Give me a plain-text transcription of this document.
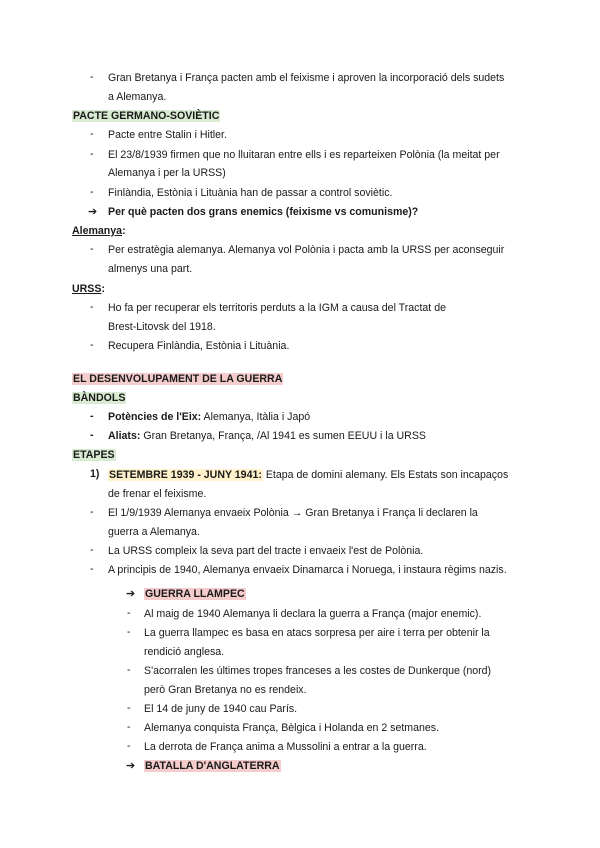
-	Gran Bretanya i França pacten amb el feixisme i aproven la incorporació dels sudets
a Alemanya.
PACTE GERMANO-SOVIÈTIC
-	Pacte entre Stalin i Hitler.
-	El 23/8/1939 firmen que no lluitaran entre ells i es reparteixen Polònia (la meitat per
Alemanya i per la URSS)
-	Finlàndia, Estònia i Lituània han de passar a control soviètic.
➔ Per què pacten dos grans enemics (feixisme vs comunisme)?
Alemanya:
-	Per estratègia alemanya. Alemanya vol Polònia i pacta amb la URSS per aconseguir
almenys una part.
URSS:
-	Ho fa per recuperar els territoris perduts a la IGM a causa del Tractat de
Brest-Litovsk del 1918.
-	Recupera Finlàndia, Estònia i Lituània.
EL DESENVOLUPAMENT DE LA GUERRA
BÀNDOLS
-	Potències de l'Eix: Alemanya, Itàlia i Japó
-	Aliats: Gran Bretanya, França, /Al 1941 es sumen EEUU i la URSS
ETAPES
1) SETEMBRE 1939 - JUNY 1941: Etapa de domini alemany. Els Estats son incapaços
de frenar el feixisme.
-	El 1/9/1939 Alemanya envaeix Polònia → Gran Bretanya i França li declaren la
guerra a Alemanya.
-	La URSS compleix la seva part del tracte i envaeix l'est de Polònia.
-	A principis de 1940, Alemanya envaeix Dinamarca i Noruega, i instaura règims nazis.
➔ GUERRA LLAMPEC
-	Al maig de 1940 Alemanya li declara la guerra a França (major enemic).
-	La guerra llampec es basa en atacs sorpresa per aire i terra per obtenir la
rendició anglesa.
-	S'acorralen les últimes tropes franceses a les costes de Dunkerque (nord)
però Gran Bretanya no es rendeix.
-	El 14 de juny de 1940 cau París.
-	Alemanya conquista França, Bèlgica i Holanda en 2 setmanes.
-	La derrota de França anima a Mussolini a entrar a la guerra.
➔ BATALLA D'ANGLATERRA
